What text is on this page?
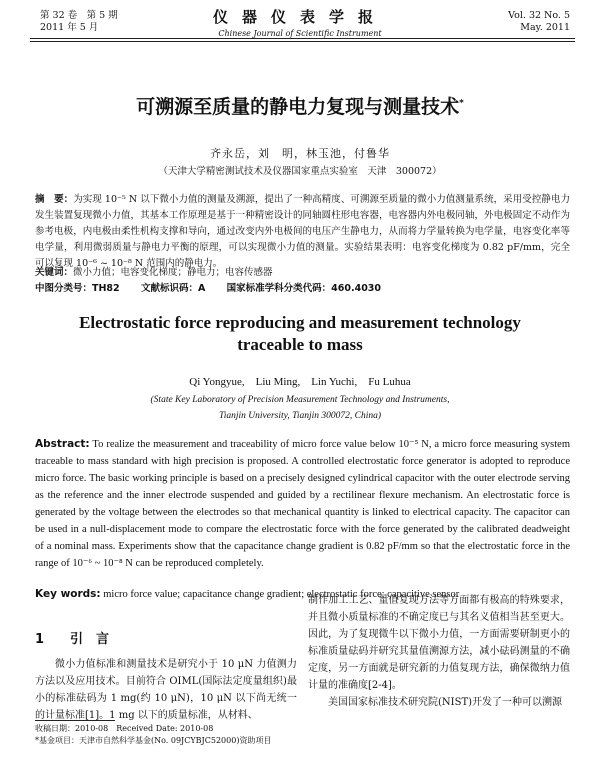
第 32 卷　第 5 期
2011 年 5 月
仪器仪表学报
Chinese Journal of Scientific Instrument
Vol. 32 No. 5
May. 2011
可溯源至质量的静电力复现与测量技术*
齐永岳，刘　明，林玉池，付鲁华
（天津大学精密测试技术及仪器国家重点实验室　天津　300072）
摘　要：为实现 10⁻⁵ N 以下微小力值的测量及溯源，提出了一种高精度、可溯源至质量的微小力值测量系统，采用受控静电力发生装置复现微小力值，其基本工作原理是基于一种精密设计的同轴圆柱形电容器，电容器内外电极同轴，外电极固定不动作为参考电极，内电极由柔性机构支撑和导向，通过改变内外电极间的电压产生静电力，从而将力学量转换为电学量，电容变化率等电学量，利用微弱质量与静电力平衡的原理，可以实现微小力值的测量。实验结果表明：电容变化梯度为 0.82 pF/mm，完全可以复现 10⁻⁶ ~ 10⁻⁸ N 范围内的静电力。
关键词：微小力值；电容变化梯度；静电力；电容传感器
中图分类号：TH82 文献标识码：A 国家标准学科分类代码：460.4030
Electrostatic force reproducing and measurement technology traceable to mass
Qi Yongyue,　Liu Ming,　Lin Yuchi,　Fu Luhua
(State Key Laboratory of Precision Measurement Technology and Instruments,
Tianjin University, Tianjin 300072, China)
Abstract: To realize the measurement and traceability of micro force value below 10⁻⁵ N, a micro force measuring system traceable to mass standard with high precision is proposed. A controlled electrostatic force generator is adopted to reproduce micro force. The basic working principle is based on a precisely designed cylindrical capacitor with the outer electrode serving as the reference and the inner electrode suspended and guided by a rectilinear flexure mechanism. An electrostatic force is generated by the voltage between the electrodes so that mechanical quantity is linked to electrical capacity. The capacitor can be used in a null-displacement mode to compare the electrostatic force with the force generated by the calibrated deadweight of a nominal mass. Experiments show that the capacitance change gradient is 0.82 pF/mm so that the electrostatic force in the range of 10⁻⁶ ~ 10⁻⁸ N can be reproduced completely.
Key words: micro force value; capacitance change gradient; electrostatic force; capacitive sensor
1 引　言
微小力值标准和测量技术是研究小于 10 μN 力值测力方法以及应用技术。目前符合 OIML(国际法定度量组织)最小的标准砝码为 1 mg(约 10 μN)，10 μN 以下尚无统一的计量标准[1]。1 mg 以下的质量标准，从材料、

制作加工工艺、量值复现方法等方面都有极高的特殊要求，并且微小质量标准的不确定度已与其名义值相当甚至更大。因此，为了复现微牛以下微小力值，一方面需要研制更小的标准质量砝码并研究其量值溯源方法，减小砝码测量的不确定度，另一方面就是研究新的力值复现方法，确保微纳力值计量的准确度[2-4]。

美国国家标准技术研究院(NIST)开发了一种可以溯源

收稿日期：2010-08　Received Date: 2010-08
*基金项目：天津市自然科学基金(No. 09JCYBJC52000)资助项目
